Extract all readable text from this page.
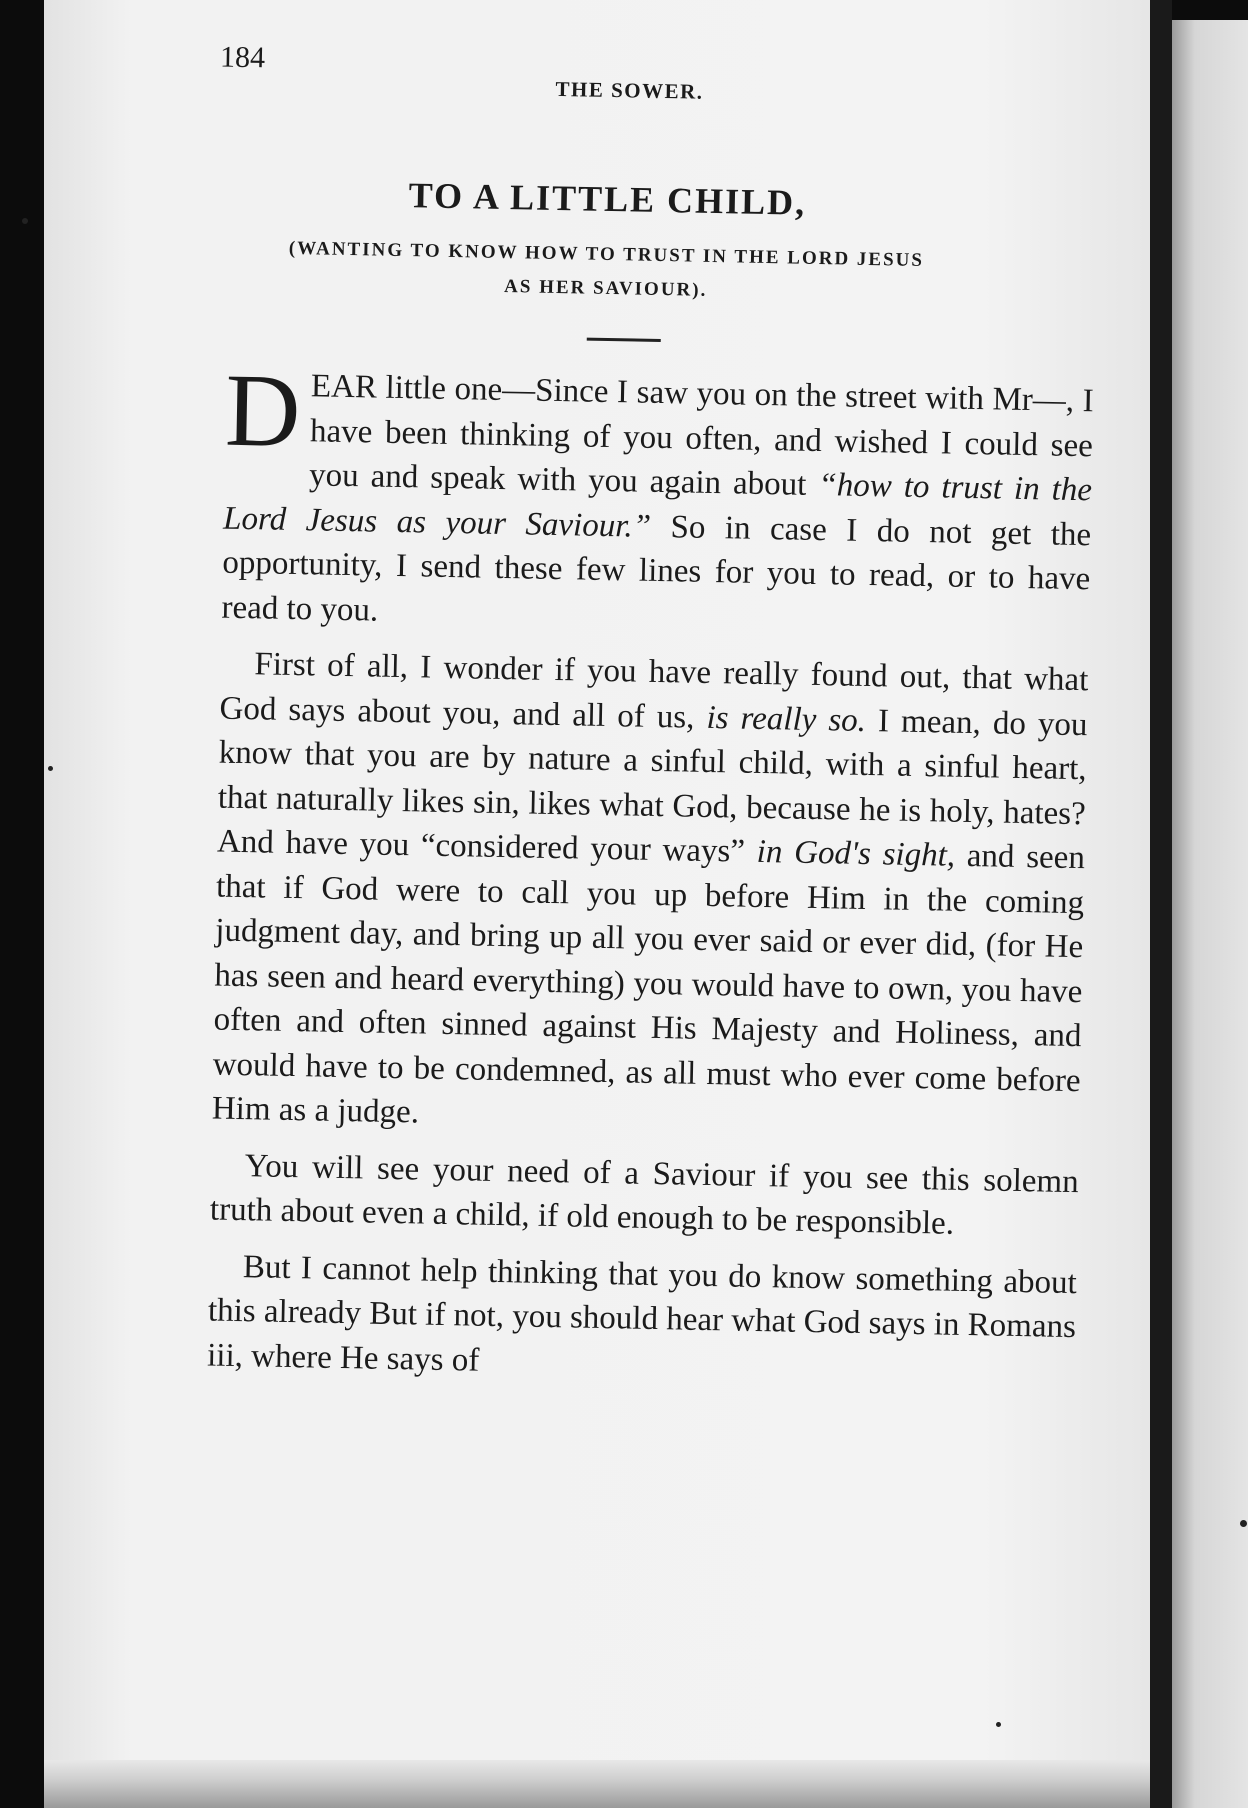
184
THE SOWER.
TO A LITTLE CHILD,
(WANTING TO KNOW HOW TO TRUST IN THE LORD JESUS
AS HER SAVIOUR).

DEAR little one—Since I saw you on the street with Mr—, I have been thinking of you often, and wished I could see you and speak with you again about “how to trust in the Lord Jesus as your Saviour.” So in case I do not get the opportunity, I send these few lines for you to read, or to have read to you.

First of all, I wonder if you have really found out, that what God says about you, and all of us, is really so. I mean, do you know that you are by nature a sinful child, with a sinful heart, that naturally likes sin, likes what God, because he is holy, hates? And have you “considered your ways” in God's sight, and seen that if God were to call you up before Him in the coming judgment day, and bring up all you ever said or ever did, (for He has seen and heard everything) you would have to own, you have often and often sinned against His Majesty and Holiness, and would have to be condemned, as all must who ever come before Him as a judge.

You will see your need of a Saviour if you see this solemn truth about even a child, if old enough to be responsible.

But I cannot help thinking that you do know something about this already But if not, you should hear what God says in Romans iii, where He says of
